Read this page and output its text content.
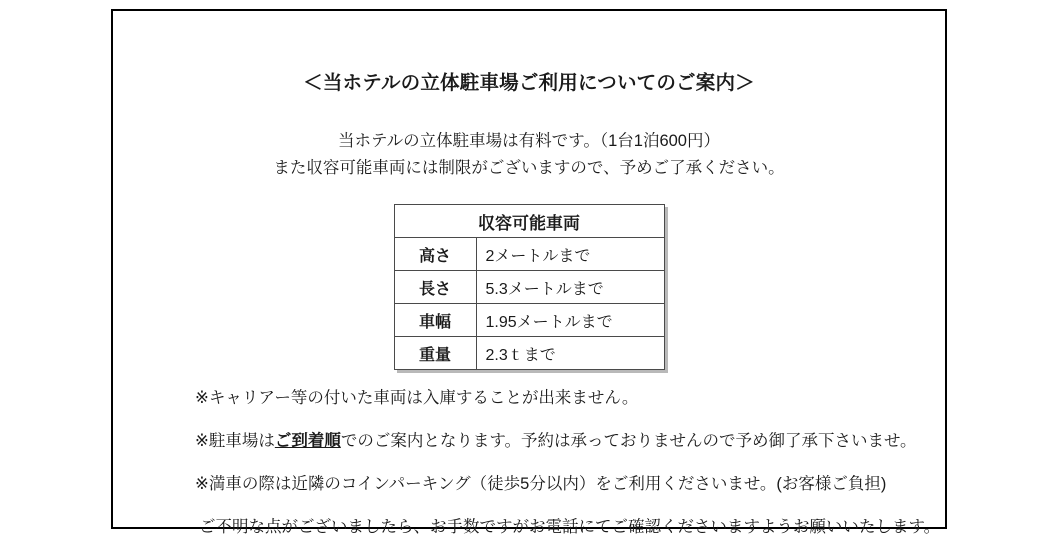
＜当ホテルの立体駐車場ご利用についてのご案内＞
当ホテルの立体駐車場は有料です。（1台1泊600円）
また収容可能車両には制限がございますので、予めご了承ください。
収容可能車両	
高さ	2メートルまで
長さ	5.3メートルまで
車幅	1.95メートルまで
重量	2.3ｔまで
※キャリアー等の付いた車両は入庫することが出来ません。
※駐車場はご到着順でのご案内となります。予約は承っておりませんので予め御了承下さいませ。
※満車の際は近隣のコインパーキング（徒歩5分以内）をご利用くださいませ。(お客様ご負担)
ご不明な点がございましたら、お手数ですがお電話にてご確認くださいますようお願いいたします。
